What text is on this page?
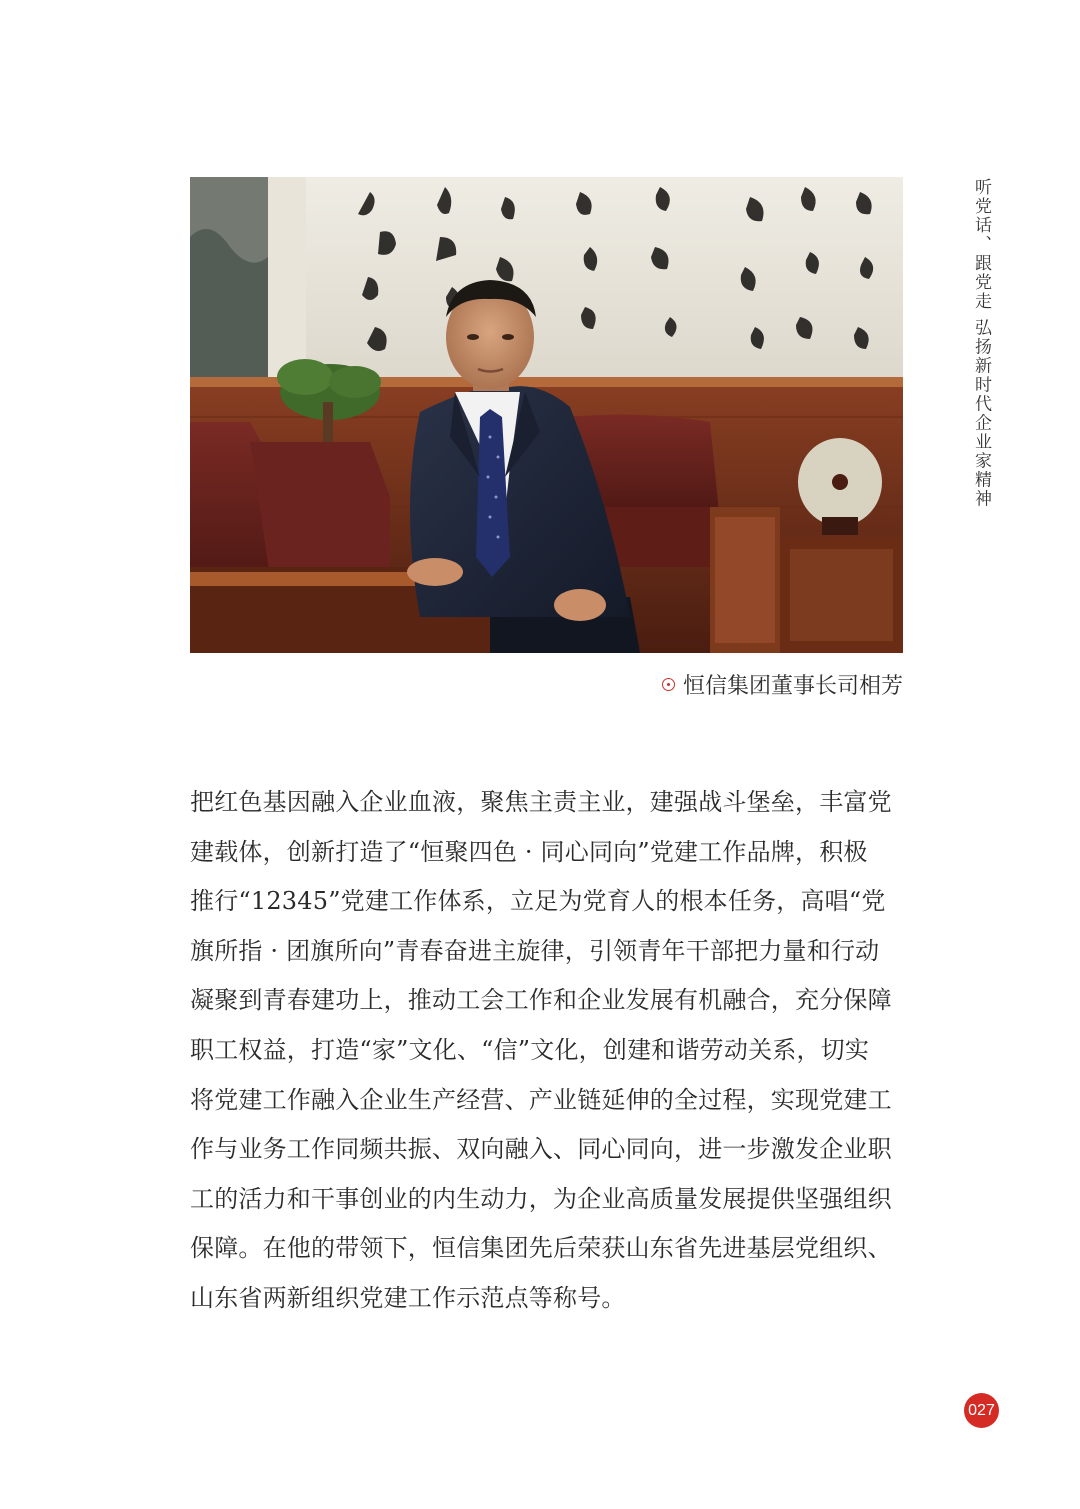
听党话、跟党走 弘扬新时代企业家精神
恒信集团董事长司相芳
把红色基因融入企业血液，聚焦主责主业，建强战斗堡垒，丰富党
建载体，创新打造了“恒聚四色 · 同心同向”党建工作品牌，积极
推行“12345”党建工作体系，立足为党育人的根本任务，高唱“党
旗所指 · 团旗所向”青春奋进主旋律，引领青年干部把力量和行动
凝聚到青春建功上，推动工会工作和企业发展有机融合，充分保障
职工权益，打造“家”文化、“信”文化，创建和谐劳动关系，切实
将党建工作融入企业生产经营、产业链延伸的全过程，实现党建工
作与业务工作同频共振、双向融入、同心同向，进一步激发企业职
工的活力和干事创业的内生动力，为企业高质量发展提供坚强组织
保障。在他的带领下，恒信集团先后荣获山东省先进基层党组织、
山东省两新组织党建工作示范点等称号。
027
